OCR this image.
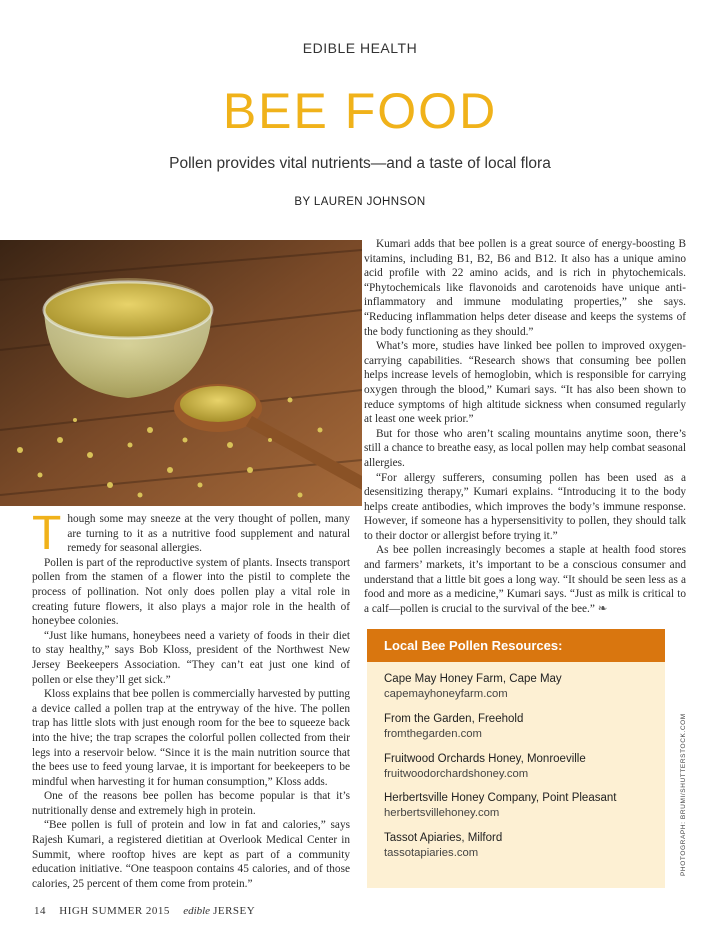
EDIBLE HEALTH
BEE FOOD
Pollen provides vital nutrients—and a taste of local flora
BY LAUREN JOHNSON

Though some may sneeze at the very thought of pollen, many are turning to it as a nutritive food supplement and natural remedy for seasonal allergies.

Pollen is part of the reproductive system of plants. Insects transport pollen from the stamen of a flower into the pistil to complete the process of pollination. Not only does pollen play a vital role in creating future flowers, it also plays a major role in the health of honeybee colonies.

“Just like humans, honeybees need a variety of foods in their diet to stay healthy,” says Bob Kloss, president of the Northwest New Jersey Beekeepers Association. “They can’t eat just one kind of pollen or else they’ll get sick.”

Kloss explains that bee pollen is commercially harvested by putting a device called a pollen trap at the entryway of the hive. The pollen trap has little slots with just enough room for the bee to squeeze back into the hive; the trap scrapes the colorful pollen collected from their legs into a reservoir below. “Since it is the main nutrition source that the bees use to feed young larvae, it is important for beekeepers to be mindful when harvesting it for human consumption,” Kloss adds.

One of the reasons bee pollen has become popular is that it’s nutritionally dense and extremely high in protein.

“Bee pollen is full of protein and low in fat and calories,” says Rajesh Kumari, a registered dietitian at Overlook Medical Center in Summit, where rooftop hives are kept as part of a community education initiative. “One teaspoon contains 45 calories, and of those calories, 25 percent of them come from protein.”

Kumari adds that bee pollen is a great source of energy-boosting B vitamins, including B1, B2, B6 and B12. It also has a unique amino acid profile with 22 amino acids, and is rich in phytochemicals. “Phytochemicals like flavonoids and carotenoids have unique anti-inflammatory and immune modulating properties,” she says. “Reducing inflammation helps deter disease and keeps the systems of the body functioning as they should.”

What’s more, studies have linked bee pollen to improved oxygen-carrying capabilities. “Research shows that consuming bee pollen helps increase levels of hemoglobin, which is responsible for carrying oxygen through the blood,” Kumari says. “It has also been shown to reduce symptoms of high altitude sickness when consumed regularly at least one week prior.”

But for those who aren’t scaling mountains anytime soon, there’s still a chance to breathe easy, as local pollen may help combat seasonal allergies.

“For allergy sufferers, consuming pollen has been used as a desensitizing therapy,” Kumari explains. “Introducing it to the body helps create antibodies, which improves the body’s immune response. However, if someone has a hypersensitivity to pollen, they should talk to their doctor or allergist before trying it.”

As bee pollen increasingly becomes a staple at health food stores and farmers’ markets, it’s important to be a conscious consumer and understand that a little bit goes a long way. “It should be seen less as a food and more as a medicine,” Kumari says. “Just as milk is critical to a calf—pollen is crucial to the survival of the bee.” ❧

Local Bee Pollen Resources:
Cape May Honey Farm, Cape May
capemayhoneyfarm.com
From the Garden, Freehold
fromthegarden.com
Fruitwood Orchards Honey, Monroeville
fruitwoodorchardshoney.com
Herbertsville Honey Company, Point Pleasant
herbertsvillehoney.com
Tassot Apiaries, Milford
tassotapiaries.com	PHOTOGRAPH: BRUMI/SHUTTERSTOCK.COM
14 HIGH SUMMER 2015 edible JERSEY
